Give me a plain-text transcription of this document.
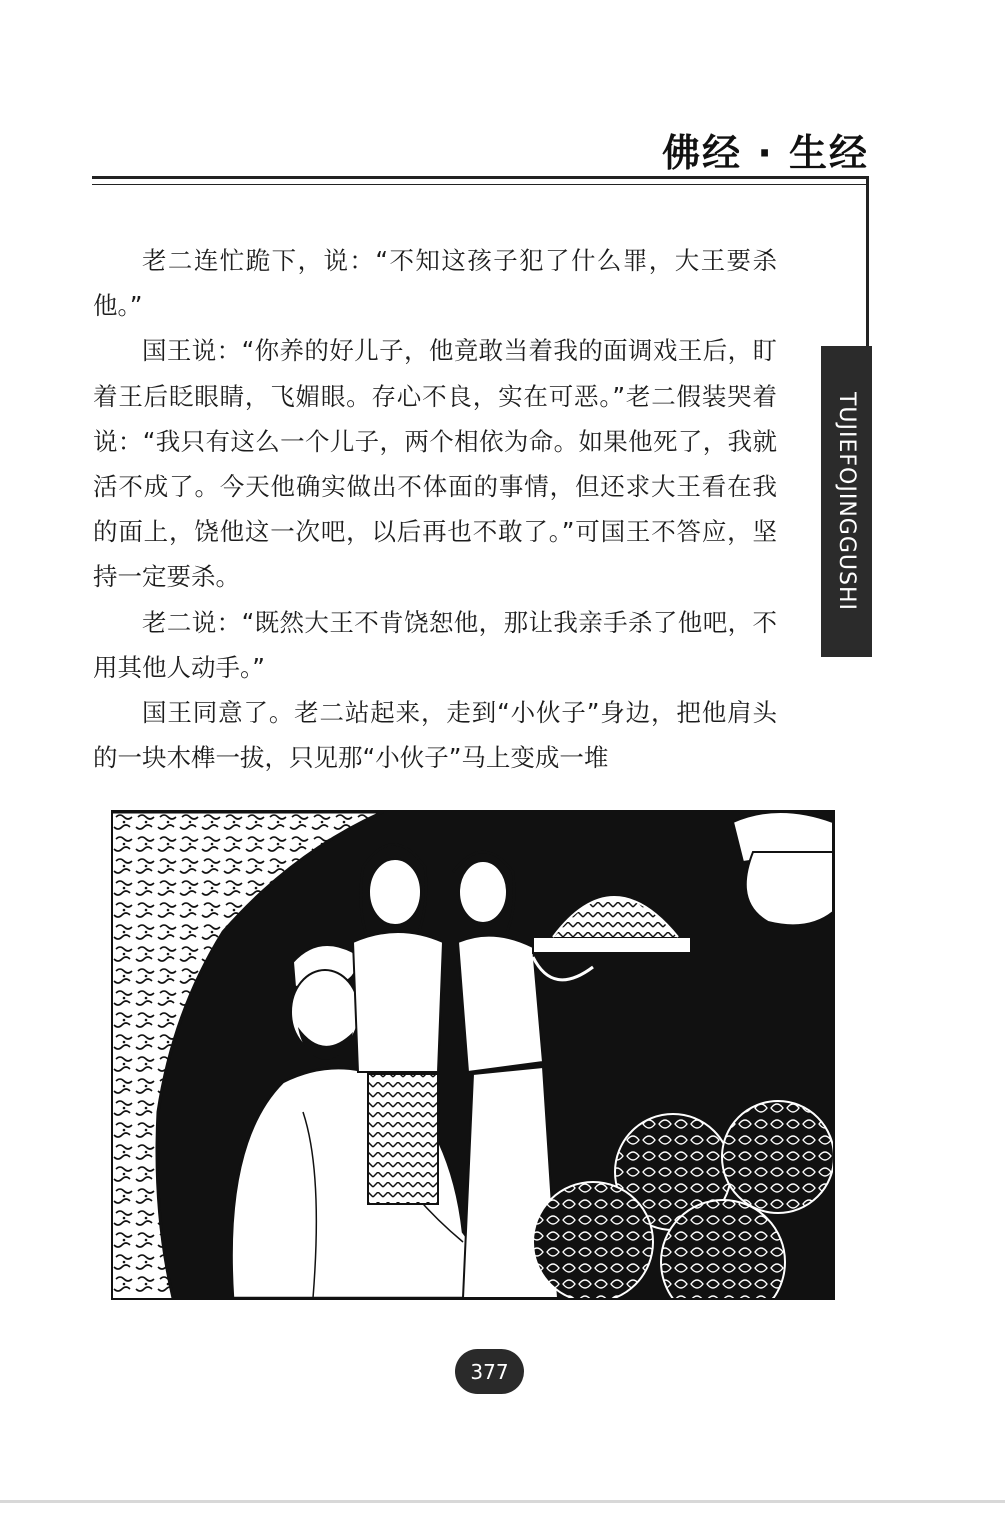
佛经 · 生经
TUJIEFOJINGGUSHI

老二连忙跪下，说：“不知这孩子犯了什么罪，大王要杀他。”

国王说：“你养的好儿子，他竟敢当着我的面调戏王后，盯着王后眨眼睛，飞媚眼。存心不良，实在可恶。”老二假装哭着说：“我只有这么一个儿子，两个相依为命。如果他死了，我就活不成了。今天他确实做出不体面的事情，但还求大王看在我的面上，饶他这一次吧，以后再也不敢了。”可国王不答应，坚持一定要杀。

老二说：“既然大王不肯饶恕他，那让我亲手杀了他吧，不用其他人动手。”

国王同意了。老二站起来，走到“小伙子”身边，把他肩头的一块木榫一拔，只见那“小伙子”马上变成一堆

377
